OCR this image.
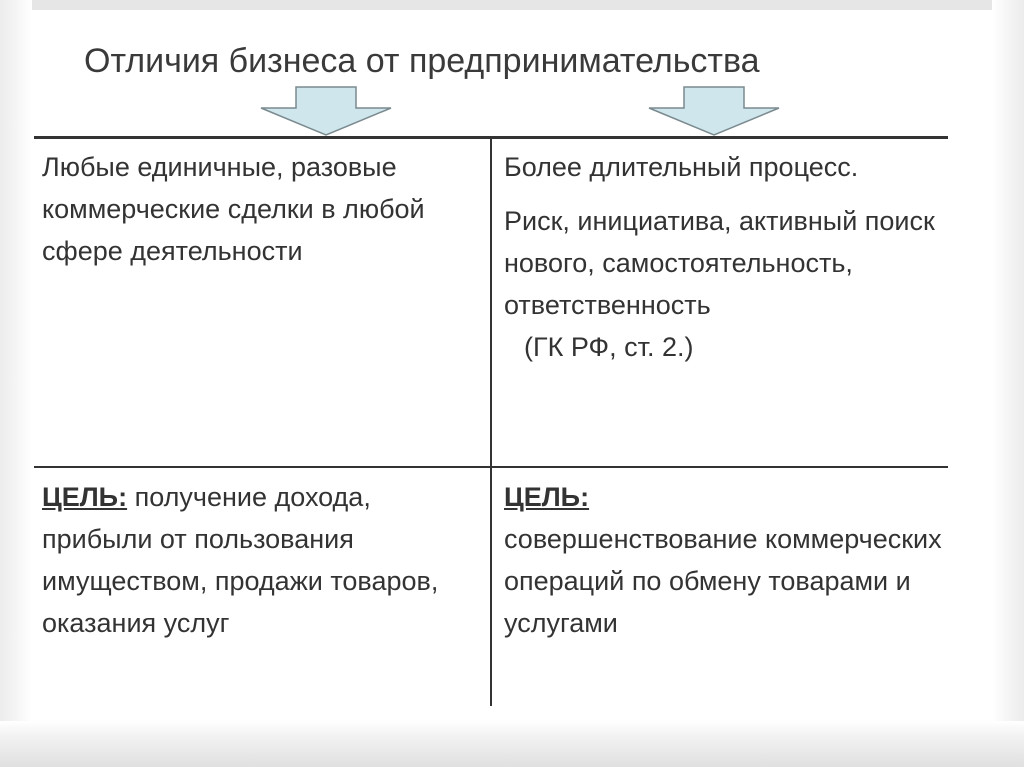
Отличия бизнеса от предпринимательства

Любые единичные, разовые коммерческие сделки в любой сфере деятельности

Более длительный процесс.

Риск, инициатива, активный поиск нового, самостоятельность, ответственность

(ГК РФ, ст. 2.)

ЦЕЛЬ: получение дохода, прибыли от пользования имуществом, продажи товаров, оказания услуг

ЦЕЛЬ:
совершенствование коммерческих операций по обмену товарами и услугами
